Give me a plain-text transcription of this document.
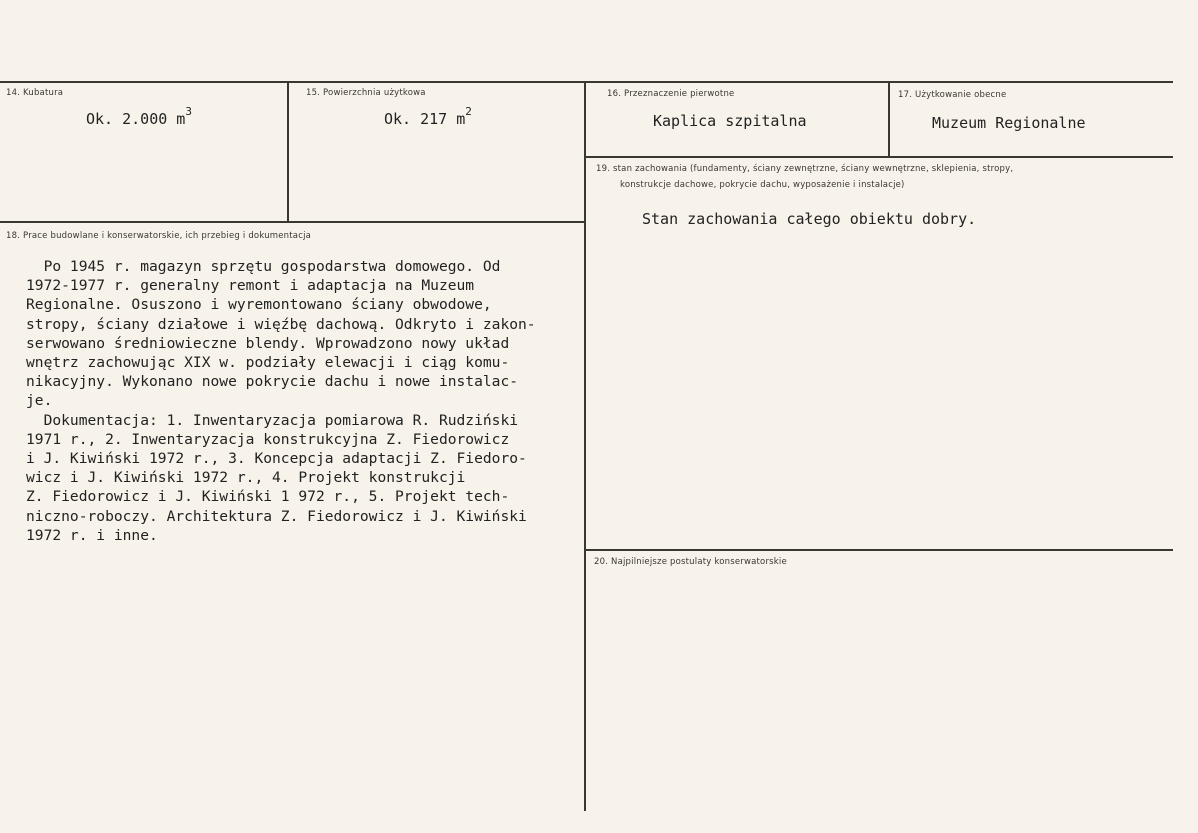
14. Kubatura
Ok. 2.000 $m^3$
15. Powierzchnia użytkowa
Ok. 217 $m^2$
16. Przeznaczenie pierwotne
Kaplica szpitalna
17. Użytkowanie obecne
Muzeum Regionalne
18. Prace budowlane i konserwatorskie, ich przebieg i dokumentacja
Po 1945 r. magazyn sprzętu gospodarstwa domowego. Od
1972-1977 r. generalny remont i adaptacja na Muzeum
Regionalne. Osuszono i wyremontowano ściany obwodowe,
stropy, ściany działowe i więźbę dachową. Odkryto i zakon-
serwowano średniowieczne blendy. Wprowadzono nowy układ
wnętrz zachowując XIX w. podziały elewacji i ciąg komu-
nikacyjny. Wykonano nowe pokrycie dachu i nowe instalac-
je.
Dokumentacja: 1. Inwentaryzacja pomiarowa R. Rudziński
1971 r., 2. Inwentaryzacja konstrukcyjna Z. Fiedorowicz
i J. Kiwiński 1972 r., 3. Koncepcja adaptacji Z. Fiedoro-
wicz i J. Kiwiński 1972 r., 4. Projekt konstrukcji
Z. Fiedorowicz i J. Kiwiński 1 972 r., 5. Projekt tech-
niczno-roboczy. Architektura Z. Fiedorowicz i J. Kiwiński
1972 r. i inne.
19. stan zachowania (fundamenty, ściany zewnętrzne, ściany wewnętrzne, sklepienia, stropy,
konstrukcje dachowe, pokrycie dachu, wyposażenie i instalacje)
Stan zachowania całego obiektu dobry.
20. Najpilniejsze postulaty konserwatorskie
